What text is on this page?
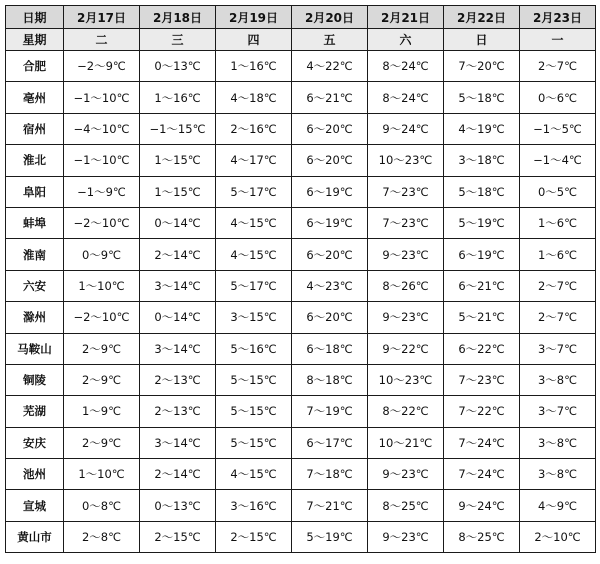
日期	2月17日	2月18日	2月19日	2月20日	2月21日	2月22日	2月23日
星期	二	三	四	五	六	日	一
合肥	−2～9℃	0～13℃	1～16℃	4～22℃	8～24℃	7～20℃	2～7℃
亳州	−1～10℃	1～16℃	4～18℃	6～21℃	8～24℃	5～18℃	0～6℃
宿州	−4～10℃	−1～15℃	2～16℃	6～20℃	9～24℃	4～19℃	−1～5℃
淮北	−1～10℃	1～15℃	4～17℃	6～20℃	10～23℃	3～18℃	−1～4℃
阜阳	−1～9℃	1～15℃	5～17℃	6～19℃	7～23℃	5～18℃	0～5℃
蚌埠	−2～10℃	0～14℃	4～15℃	6～19℃	7～23℃	5～19℃	1～6℃
淮南	0～9℃	2～14℃	4～15℃	6～20℃	9～23℃	6～19℃	1～6℃
六安	1～10℃	3～14℃	5～17℃	4～23℃	8～26℃	6～21℃	2～7℃
滁州	−2～10℃	0～14℃	3～15℃	6～20℃	9～23℃	5～21℃	2～7℃
马鞍山	2～9℃	3～14℃	5～16℃	6～18℃	9～22℃	6～22℃	3～7℃
铜陵	2～9℃	2～13℃	5～15℃	8～18℃	10～23℃	7～23℃	3～8℃
芜湖	1～9℃	2～13℃	5～15℃	7～19℃	8～22℃	7～22℃	3～7℃
安庆	2～9℃	3～14℃	5～15℃	6～17℃	10～21℃	7～24℃	3～8℃
池州	1～10℃	2～14℃	4～15℃	7～18℃	9～23℃	7～24℃	3～8℃
宣城	0～8℃	0～13℃	3～16℃	7～21℃	8～25℃	9～24℃	4～9℃
黄山市	2～8℃	2～15℃	2～15℃	5～19℃	9～23℃	8～25℃	2～10℃
